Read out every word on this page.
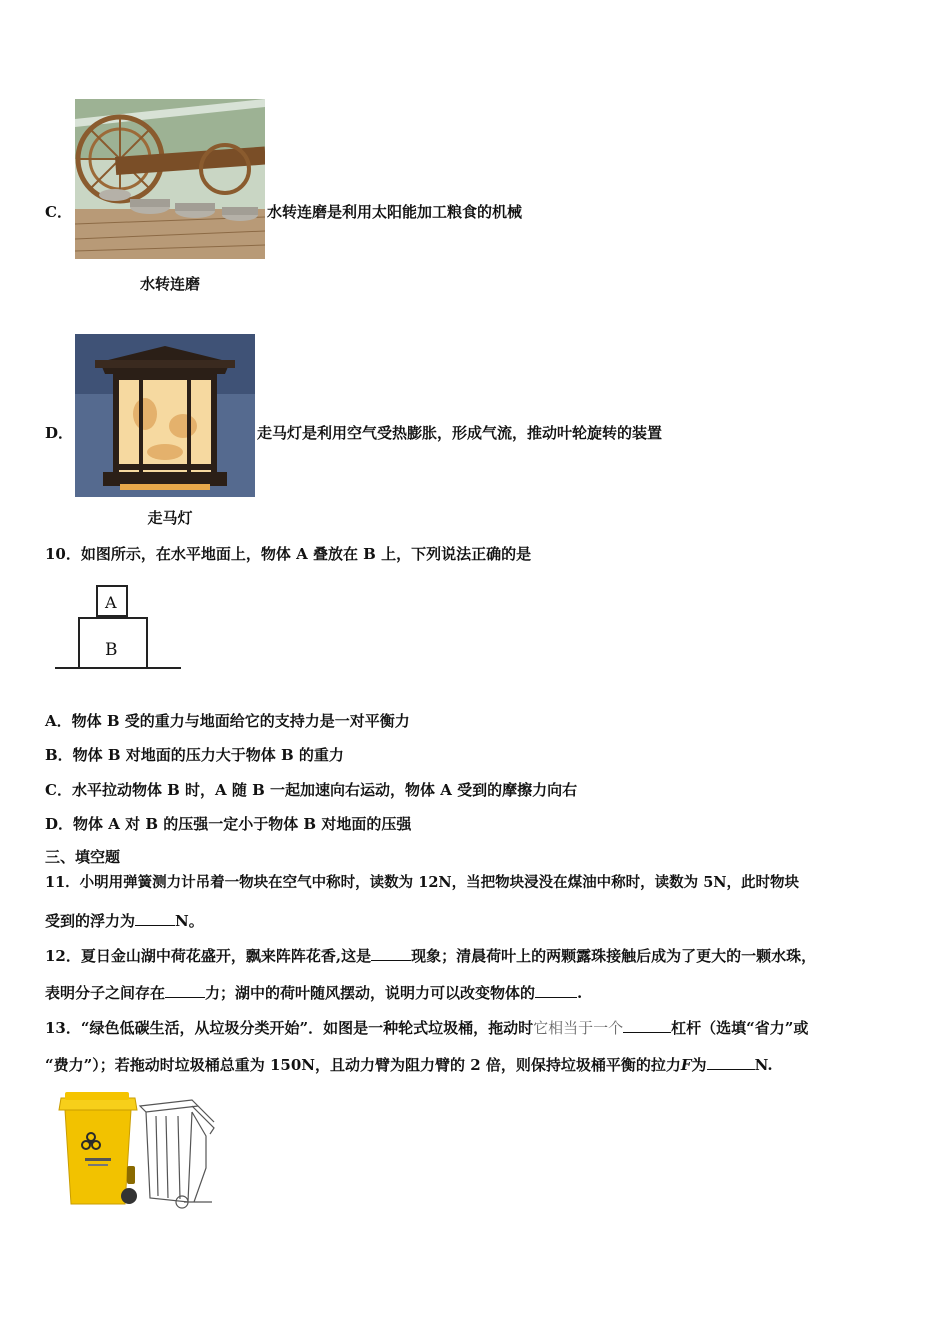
C．	水转连磨是利用太阳能加工粮食的机械
水转连磨
D．	走马灯是利用空气受热膨胀，形成气流，推动叶轮旋转的装置
走马灯
10．如图所示，在水平地面上，物体 A 叠放在 B 上，下列说法正确的是
A
B
A．物体 B 受的重力与地面给它的支持力是一对平衡力
B．物体 B 对地面的压力大于物体 B 的重力
C．水平拉动物体 B 时，A 随 B 一起加速向右运动，物体 A 受到的摩擦力向右
D．物体 A 对 B 的压强一定小于物体 B 对地面的压强
三、填空题
11．小明用弹簧测力计吊着一物块在空气中称时，读数为 12N，当把物块浸没在煤油中称时，读数为 5N，此时物块
受到的浮力为	N。
12．夏日金山湖中荷花盛开，飘来阵阵花香,这是	现象；清晨荷叶上的两颗露珠接触后成为了更大的一颗水珠，
表明分子之间存在	力；湖中的荷叶随风摆动，说明力可以改变物体的	.
13．“绿色低碳生活，从垃圾分类开始”．如图是一种轮式垃圾桶，拖动时它相当于一个	杠杆（选填“省力”或
“费力”）；若拖动时垃圾桶总重为 150N，且动力臂为阻力臂的 2 倍，则保持垃圾桶平衡的拉力F为	N.
